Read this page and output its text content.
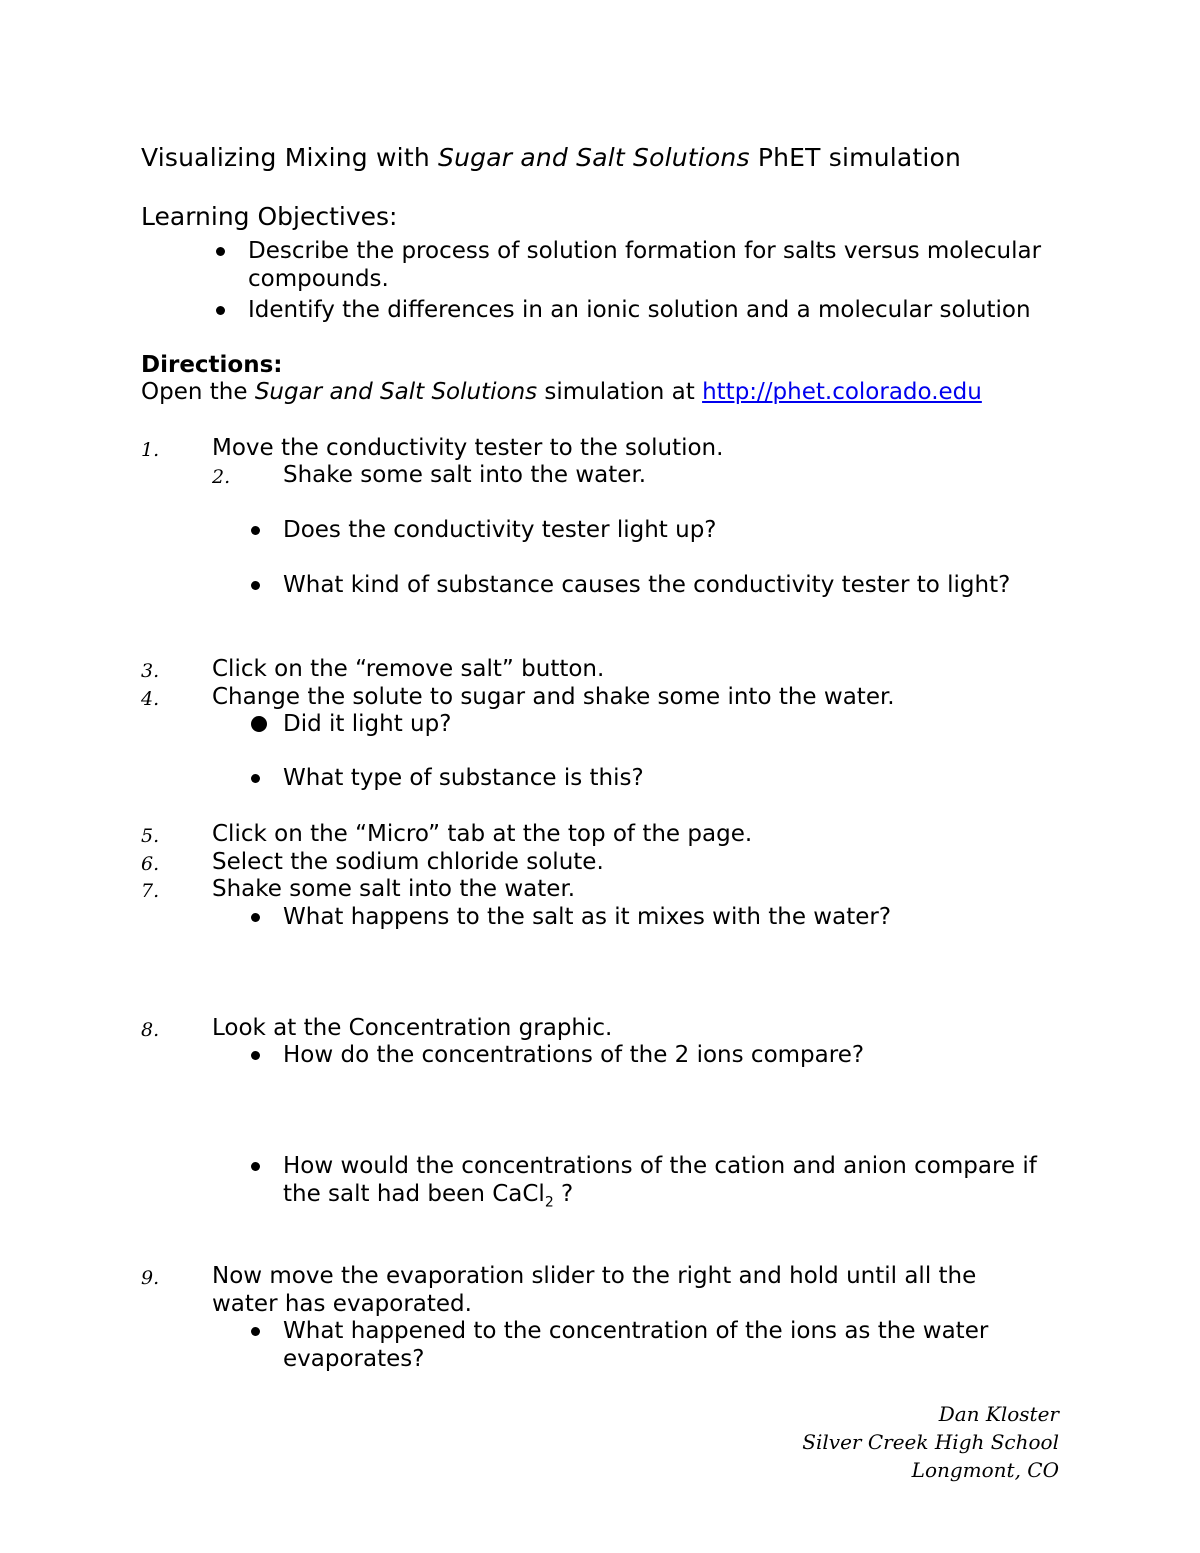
Visualizing Mixing with Sugar and Salt Solutions PhET simulation
Learning Objectives:
Describe the process of solution formation for salts versus molecular
compounds.
Identify the differences in an ionic solution and a molecular solution
Directions:
Open the Sugar and Salt Solutions simulation at http://phet.colorado.edu
1. Move the conductivity tester to the solution.
2. Shake some salt into the water.
Does the conductivity tester light up?
What kind of substance causes the conductivity tester to light?
3. Click on the “remove salt” button.
4. Change the solute to sugar and shake some into the water.
Did it light up?
What type of substance is this?
5. Click on the “Micro” tab at the top of the page.
6. Select the sodium chloride solute.
7. Shake some salt into the water.
What happens to the salt as it mixes with the water?
8. Look at the Concentration graphic.
How do the concentrations of the 2 ions compare?
How would the concentrations of the cation and anion compare if
the salt had been CaCl$_2$ ?
9. Now move the evaporation slider to the right and hold until all the
water has evaporated.
What happened to the concentration of the ions as the water
evaporates?
Dan Kloster
Silver Creek High School
Longmont, CO
